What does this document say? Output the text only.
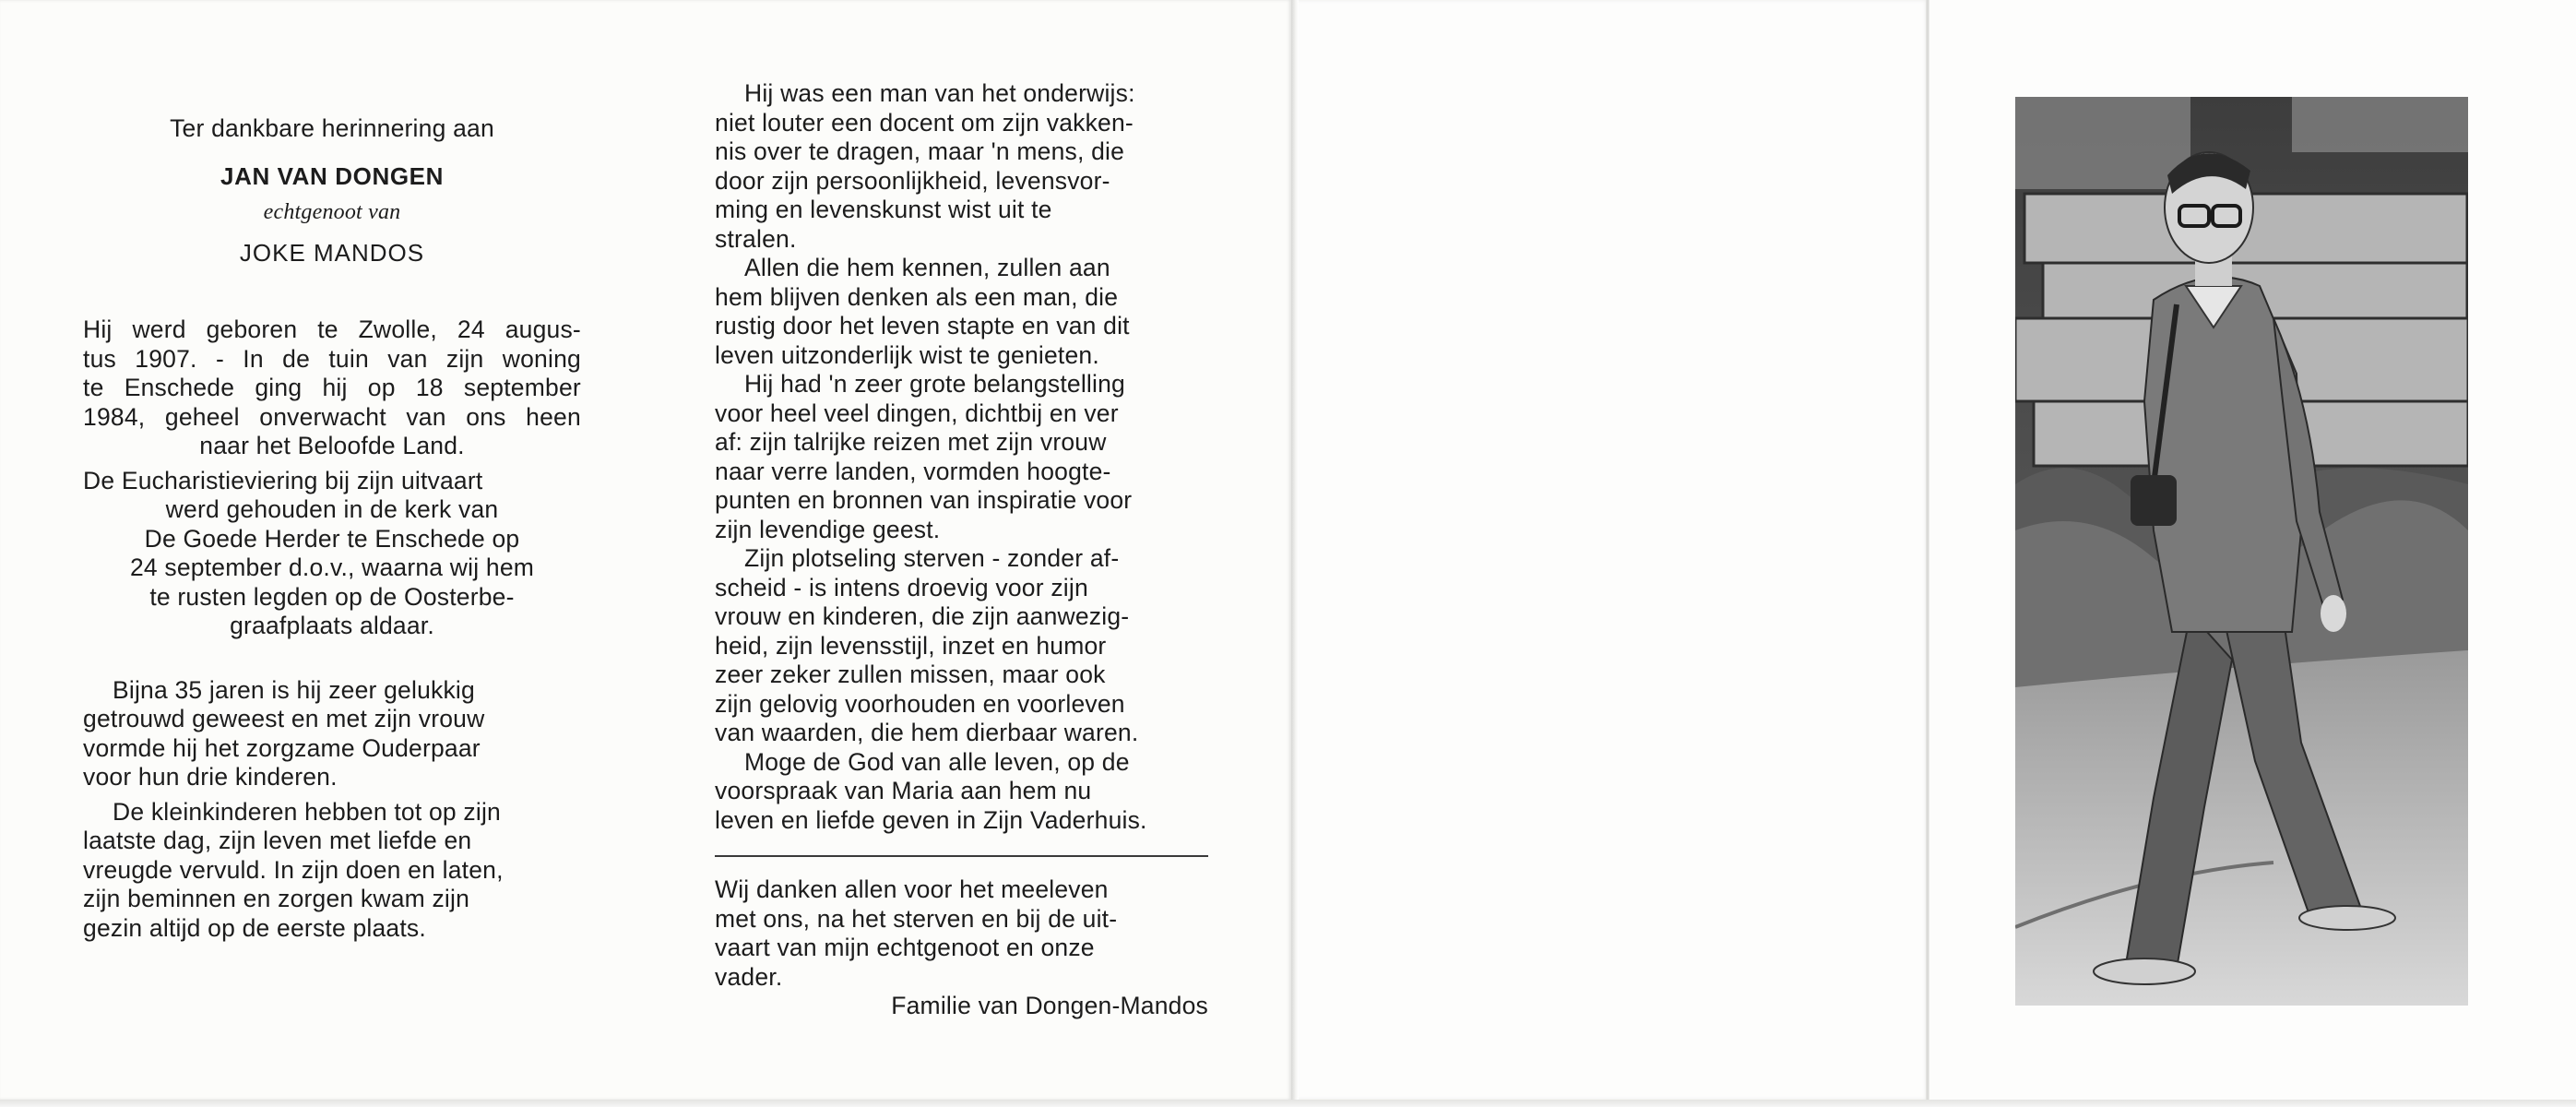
Ter dankbare herinnering aan

JAN VAN DONGEN

echtgenoot van

JOKE MANDOS

Hij werd geboren te Zwolle, 24 augus-
tus 1907. - In de tuin van zijn woning
te Enschede ging hij op 18 september
1984, geheel onverwacht van ons heen
naar het Beloofde Land.
De Eucharistieviering bij zijn uitvaart
werd gehouden in de kerk van
De Goede Herder te Enschede op
24 september d.o.v., waarna wij hem
te rusten legden op de Oosterbe-
graafplaats aldaar.
Bijna 35 jaren is hij zeer gelukkig
getrouwd geweest en met zijn vrouw
vormde hij het zorgzame Ouderpaar
voor hun drie kinderen.
De kleinkinderen hebben tot op zijn
laatste dag, zijn leven met liefde en
vreugde vervuld. In zijn doen en laten,
zijn beminnen en zorgen kwam zijn
gezin altijd op de eerste plaats.
Hij was een man van het onderwijs:
niet louter een docent om zijn vakken-
nis over te dragen, maar 'n mens, die
door zijn persoonlijkheid, levensvor-
ming en levenskunst wist uit te
stralen.
Allen die hem kennen, zullen aan
hem blijven denken als een man, die
rustig door het leven stapte en van dit
leven uitzonderlijk wist te genieten.
Hij had 'n zeer grote belangstelling
voor heel veel dingen, dichtbij en ver
af: zijn talrijke reizen met zijn vrouw
naar verre landen, vormden hoogte-
punten en bronnen van inspiratie voor
zijn levendige geest.
Zijn plotseling sterven - zonder af-
scheid - is intens droevig voor zijn
vrouw en kinderen, die zijn aanwezig-
heid, zijn levensstijl, inzet en humor
zeer zeker zullen missen, maar ook
zijn gelovig voorhouden en voorleven
van waarden, die hem dierbaar waren.
Moge de God van alle leven, op de
voorspraak van Maria aan hem nu
leven en liefde geven in Zijn Vaderhuis.
Wij danken allen voor het meeleven
met ons, na het sterven en bij de uit-
vaart van mijn echtgenoot en onze
vader.
Familie van Dongen-Mandos
